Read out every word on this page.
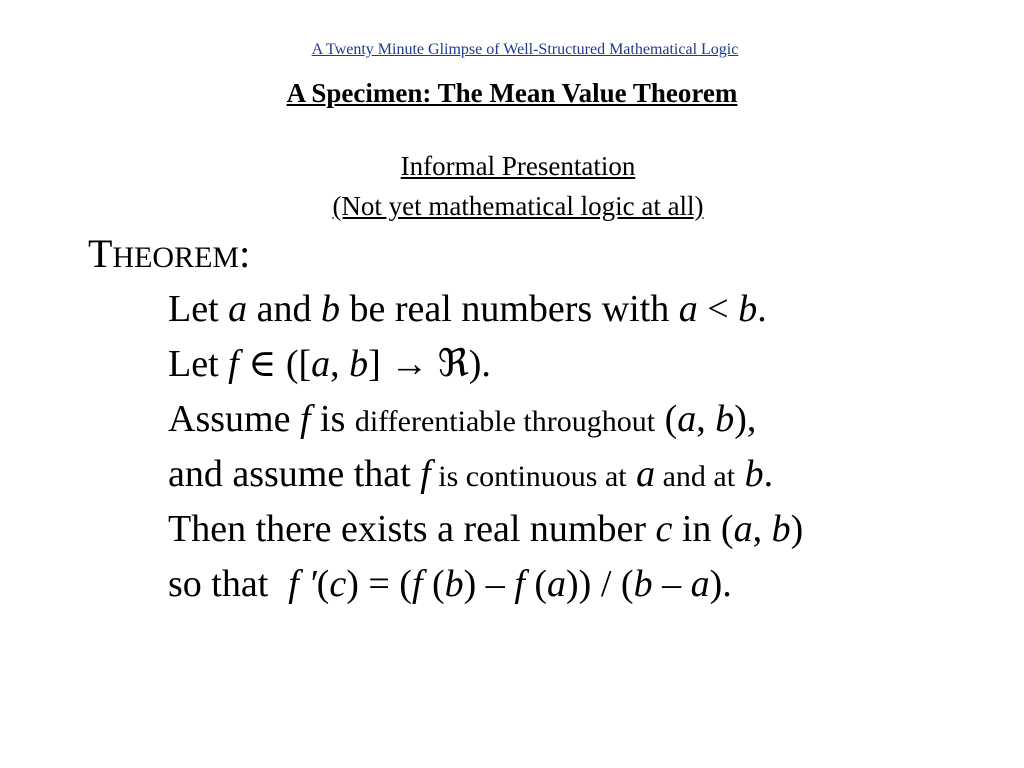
A Twenty Minute Glimpse of Well-Structured Mathematical Logic
A Specimen: The Mean Value Theorem
Informal Presentation
(Not yet mathematical logic at all)
THEOREM:
Let a and b be real numbers with a < b.
Let f ∈ ([a, b] → ℜ).
Assume f is differentiable throughout (a, b),
and assume that f is continuous at a and at b.
Then there exists a real number c in (a, b)
so that f ′(c) = (f (b) – f (a)) / (b – a).
